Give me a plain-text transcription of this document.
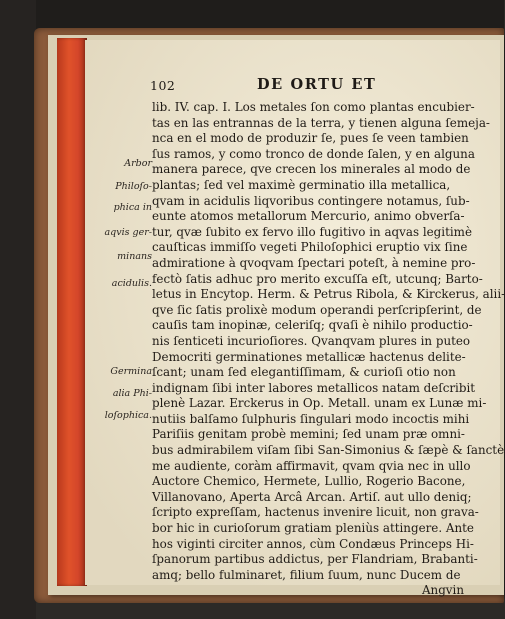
102	DE ORTU ET
Arbor
Philoſo-
phica in
aqvis ger-
minans
acidulis.
Germina
alia Phi-
loſophica.
lib. IV. cap. I. Los metales ſon como plantas encubier-
tas en las entrannas de la terra, y tienen alguna ſemeja-
nca en el modo de produzir ſe, pues ſe veen tambien
ſus ramos, y como tronco de donde ſalen, y en alguna
manera parece, qve crecen los minerales al modo de
plantas; ſed vel maximè germinatio illa metallica,
qvam in acidulis liqvoribus contingere notamus, ſub-
eunte atomos metallorum Mercurio, animo obverſa-
tur, qvæ ſubito ex fervo illo fugitivo in aqvas legitimè
cauſticas immiſſo vegeti Philoſophici eruptio vix ſine
admiratione à qvoqvam ſpectari poteſt, à nemine pro-
fectò ſatis adhuc pro merito excuſſa eſt, utcunq; Barto-
letus in Encytop. Herm. & Petrus Ribola, & Kirckerus, alii-
qve ſic ſatis prolixè modum operandi perſcripſerint, de
cauſis tam inopinæ, celeriſq; qvaſi è nihilo productio-
nis ſenticeti incurioſiores. Qvanqvam plures in puteo
Democriti germinationes metallicæ hactenus delite-
ſcant; unam ſed elegantiſſimam, & curioſi otio non
indignam ſibi inter labores metallicos natam deſcribit
plenè Lazar. Erckerus in Op. Metall. unam ex Lunæ mi-
nutiis balſamo ſulphuris ſingulari modo incoctis mihi
Pariſiis genitam probè memini; ſed unam præ omni-
bus admirabilem viſam ſibi San-Simonius & ſæpè & ſanctè
me audiente, coràm affirmavit, qvam qvia nec in ullo
Auctore Chemico, Hermete, Lullio, Rogerio Bacone,
Villanovano, Aperta Arcâ Arcan. Artiſ. aut ullo deniq;
ſcripto expreſſam, hactenus invenire licuit, non grava-
bor hic in curioſorum gratiam pleniùs attingere. Ante
hos viginti circiter annos, cùm Condæus Princeps Hi-
ſpanorum partibus addictus, per Flandriam, Brabanti-
amq; bello fulminaret, filium ſuum, nunc Ducem de
Angvin
